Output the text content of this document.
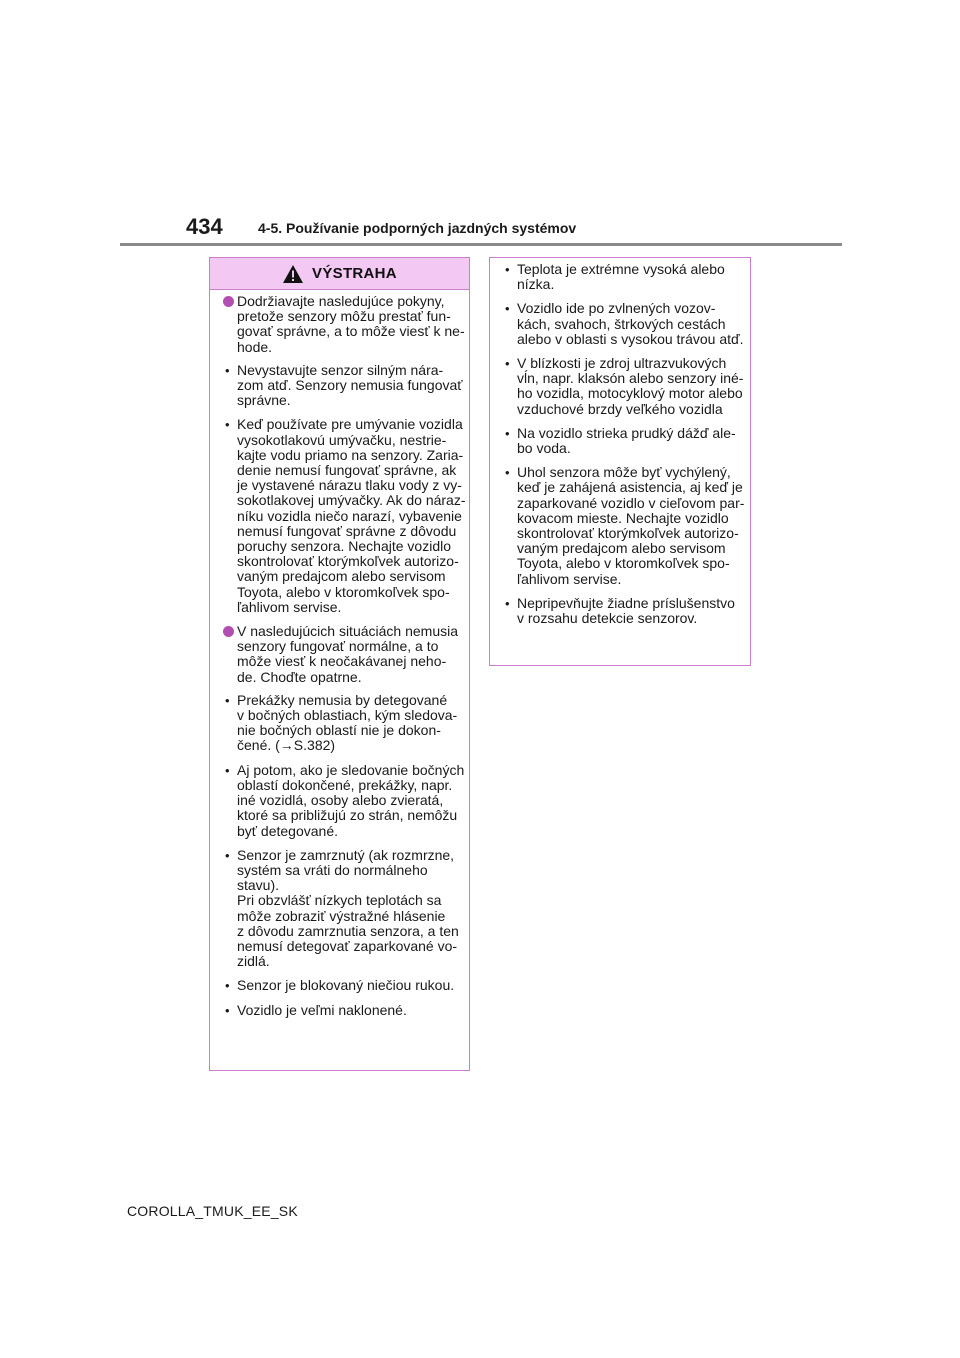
434	4-5. Používanie podporných jazdných systémov
VÝSTRAHA
Dodržiavajte nasledujúce pokyny,
pretože senzory môžu prestať fun-
govať správne, a to môže viesť k ne-
hode.
• Nevystavujte senzor silným nára-
zom atď. Senzory nemusia fungovať
správne.
• Keď používate pre umývanie vozidla
vysokotlakovú umývačku, nestrie-
kajte vodu priamo na senzory. Zaria-
denie nemusí fungovať správne, ak
je vystavené nárazu tlaku vody z vy-
sokotlakovej umývačky. Ak do náraz-
níku vozidla niečo narazí, vybavenie
nemusí fungovať správne z dôvodu
poruchy senzora. Nechajte vozidlo
skontrolovať ktorýmkoľvek autorizo-
vaným predajcom alebo servisom
Toyota, alebo v ktoromkoľvek spo-
ľahlivom servise.
V nasledujúcich situáciách nemusia
senzory fungovať normálne, a to
môže viesť k neočakávanej neho-
de. Choďte opatrne.
• Prekážky nemusia by detegované
v bočných oblastiach, kým sledova-
nie bočných oblastí nie je dokon-
čené. (→S.382)
• Aj potom, ako je sledovanie bočných
oblastí dokončené, prekážky, napr.
iné vozidlá, osoby alebo zvieratá,
ktoré sa približujú zo strán, nemôžu
byť detegované.
• Senzor je zamrznutý (ak rozmrzne,
systém sa vráti do normálneho
stavu).
Pri obzvlášť nízkych teplotách sa
môže zobraziť výstražné hlásenie
z dôvodu zamrznutia senzora, a ten
nemusí detegovať zaparkované vo-
zidlá.
• Senzor je blokovaný niečiou rukou.
• Vozidlo je veľmi naklonené.
• Teplota je extrémne vysoká alebo
nízka.
• Vozidlo ide po zvlnených vozov-
kách, svahoch, štrkových cestách
alebo v oblasti s vysokou trávou atď.
• V blízkosti je zdroj ultrazvukových
vĺn, napr. klaksón alebo senzory iné-
ho vozidla, motocyklový motor alebo
vzduchové brzdy veľkého vozidla
• Na vozidlo strieka prudký dážď ale-
bo voda.
• Uhol senzora môže byť vychýlený,
keď je zahájená asistencia, aj keď je
zaparkované vozidlo v cieľovom par-
kovacom mieste. Nechajte vozidlo
skontrolovať ktorýmkoľvek autorizo-
vaným predajcom alebo servisom
Toyota, alebo v ktoromkoľvek spo-
ľahlivom servise.
• Nepripevňujte žiadne príslušenstvo
v rozsahu detekcie senzorov.
COROLLA_TMUK_EE_SK
